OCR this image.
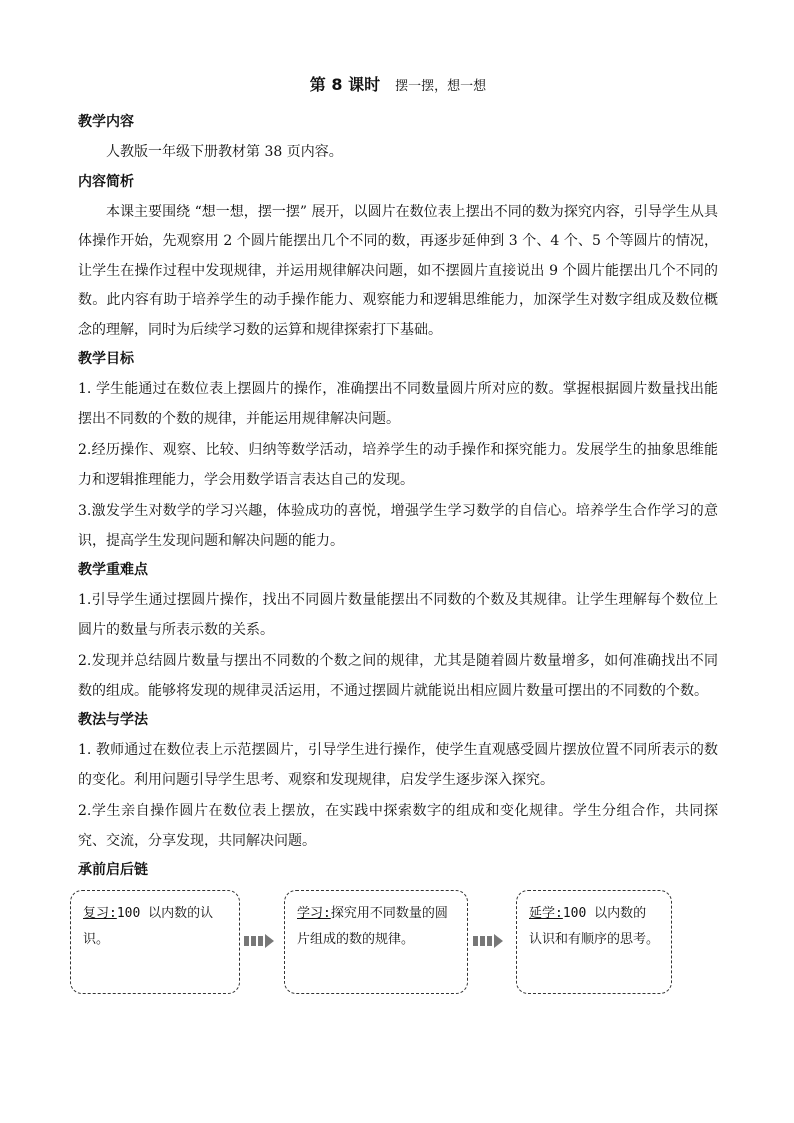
第 8 课时 摆一摆，想一想
教学内容

人教版一年级下册教材第 38 页内容。

内容简析

本课主要围绕 “想一想，摆一摆” 展开，以圆片在数位表上摆出不同的数为探究内容，引导学生从具体操作开始，先观察用 2 个圆片能摆出几个不同的数，再逐步延伸到 3 个、4 个、5 个等圆片的情况，让学生在操作过程中发现规律，并运用规律解决问题，如不摆圆片直接说出 9 个圆片能摆出几个不同的数。此内容有助于培养学生的动手操作能力、观察能力和逻辑思维能力，加深学生对数字组成及数位概念的理解，同时为后续学习数的运算和规律探索打下基础。

教学目标

1. 学生能通过在数位表上摆圆片的操作，准确摆出不同数量圆片所对应的数。掌握根据圆片数量找出能摆出不同数的个数的规律，并能运用规律解决问题。

2.经历操作、观察、比较、归纳等数学活动，培养学生的动手操作和探究能力。发展学生的抽象思维能力和逻辑推理能力，学会用数学语言表达自己的发现。

3.激发学生对数学的学习兴趣，体验成功的喜悦，增强学生学习数学的自信心。培养学生合作学习的意识，提高学生发现问题和解决问题的能力。

教学重难点

1.引导学生通过摆圆片操作，找出不同圆片数量能摆出不同数的个数及其规律。让学生理解每个数位上圆片的数量与所表示数的关系。

2.发现并总结圆片数量与摆出不同数的个数之间的规律，尤其是随着圆片数量增多，如何准确找出不同数的组成。能够将发现的规律灵活运用，不通过摆圆片就能说出相应圆片数量可摆出的不同数的个数。

教法与学法

1. 教师通过在数位表上示范摆圆片，引导学生进行操作，使学生直观感受圆片摆放位置不同所表示的数的变化。利用问题引导学生思考、观察和发现规律，启发学生逐步深入探究。

2.学生亲自操作圆片在数位表上摆放，在实践中探索数字的组成和变化规律。学生分组合作，共同探究、交流，分享发现，共同解决问题。

承前启后链
复习:100 以内数的认识。
学习:探究用不同数量的圆片组成的数的规律。
延学:100 以内数的认识和有顺序的思考。
